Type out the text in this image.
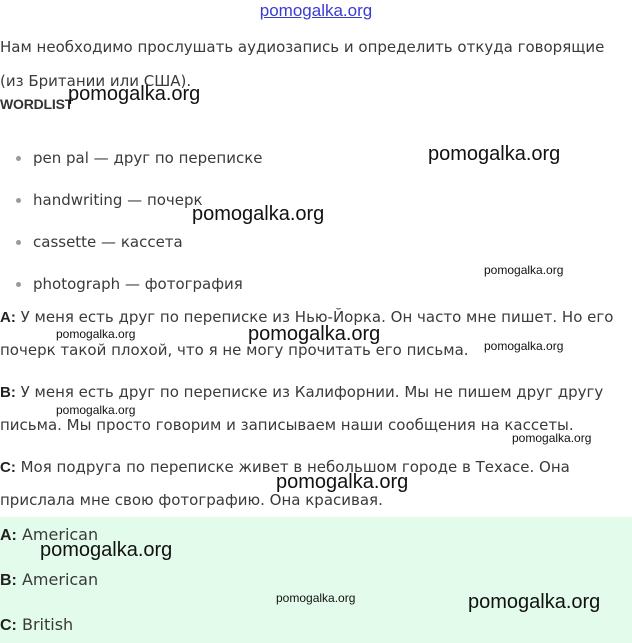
pomogalka.org

Нам необходимо прослушать аудиозапись и определить откуда говорящие (из Британии или США).

WORDLIST
pen pal — друг по переписке
handwriting — почерк
cassette — кассета
photograph — фотография

A: У меня есть друг по переписке из Нью-Йорка. Он часто мне пишет. Но его почерк такой плохой, что я не могу прочитать его письма.

B: У меня есть друг по переписке из Калифорнии. Мы не пишем друг другу письма. Мы просто говорим и записываем наши сообщения на кассеты.

C: Моя подруга по переписке живет в небольшом городе в Техасе. Она прислала мне свою фотографию. Она красивая.

A: American
B: American
C: British
pomogalka.org
pomogalka.org
pomogalka.org
pomogalka.org
pomogalka.org
pomogalka.org
pomogalka.org
pomogalka.org
pomogalka.org
pomogalka.org
pomogalka.org
pomogalka.org	pomogalka.org
